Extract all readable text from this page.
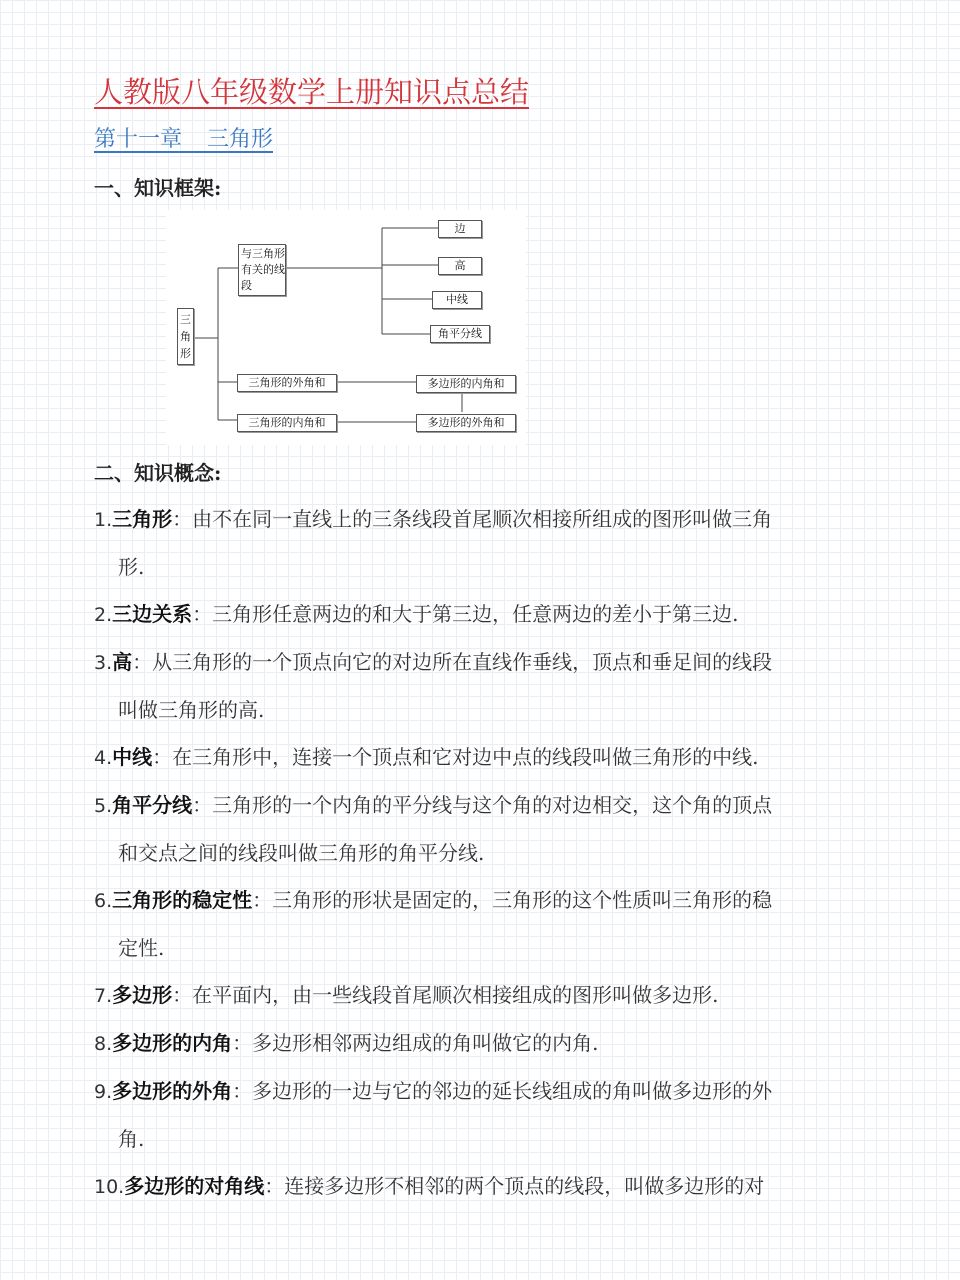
人教版八年级数学上册知识点总结
第十一章 三角形
一、知识框架:
三角形
与三角形有关的线段
边
高
中线
角平分线
三角形的外角和
三角形的内角和
多边形的内角和
多边形的外角和
二、知识概念:

1.三角形：由不在同一直线上的三条线段首尾顺次相接所组成的图形叫做三角
形.

2.三边关系：三角形任意两边的和大于第三边，任意两边的差小于第三边.

3.高：从三角形的一个顶点向它的对边所在直线作垂线，顶点和垂足间的线段
叫做三角形的高.

4.中线：在三角形中，连接一个顶点和它对边中点的线段叫做三角形的中线.

5.角平分线：三角形的一个内角的平分线与这个角的对边相交，这个角的顶点
和交点之间的线段叫做三角形的角平分线.

6.三角形的稳定性：三角形的形状是固定的，三角形的这个性质叫三角形的稳
定性.

7.多边形：在平面内，由一些线段首尾顺次相接组成的图形叫做多边形.

8.多边形的内角：多边形相邻两边组成的角叫做它的内角.

9.多边形的外角：多边形的一边与它的邻边的延长线组成的角叫做多边形的外
角.

10.多边形的对角线：连接多边形不相邻的两个顶点的线段，叫做多边形的对
